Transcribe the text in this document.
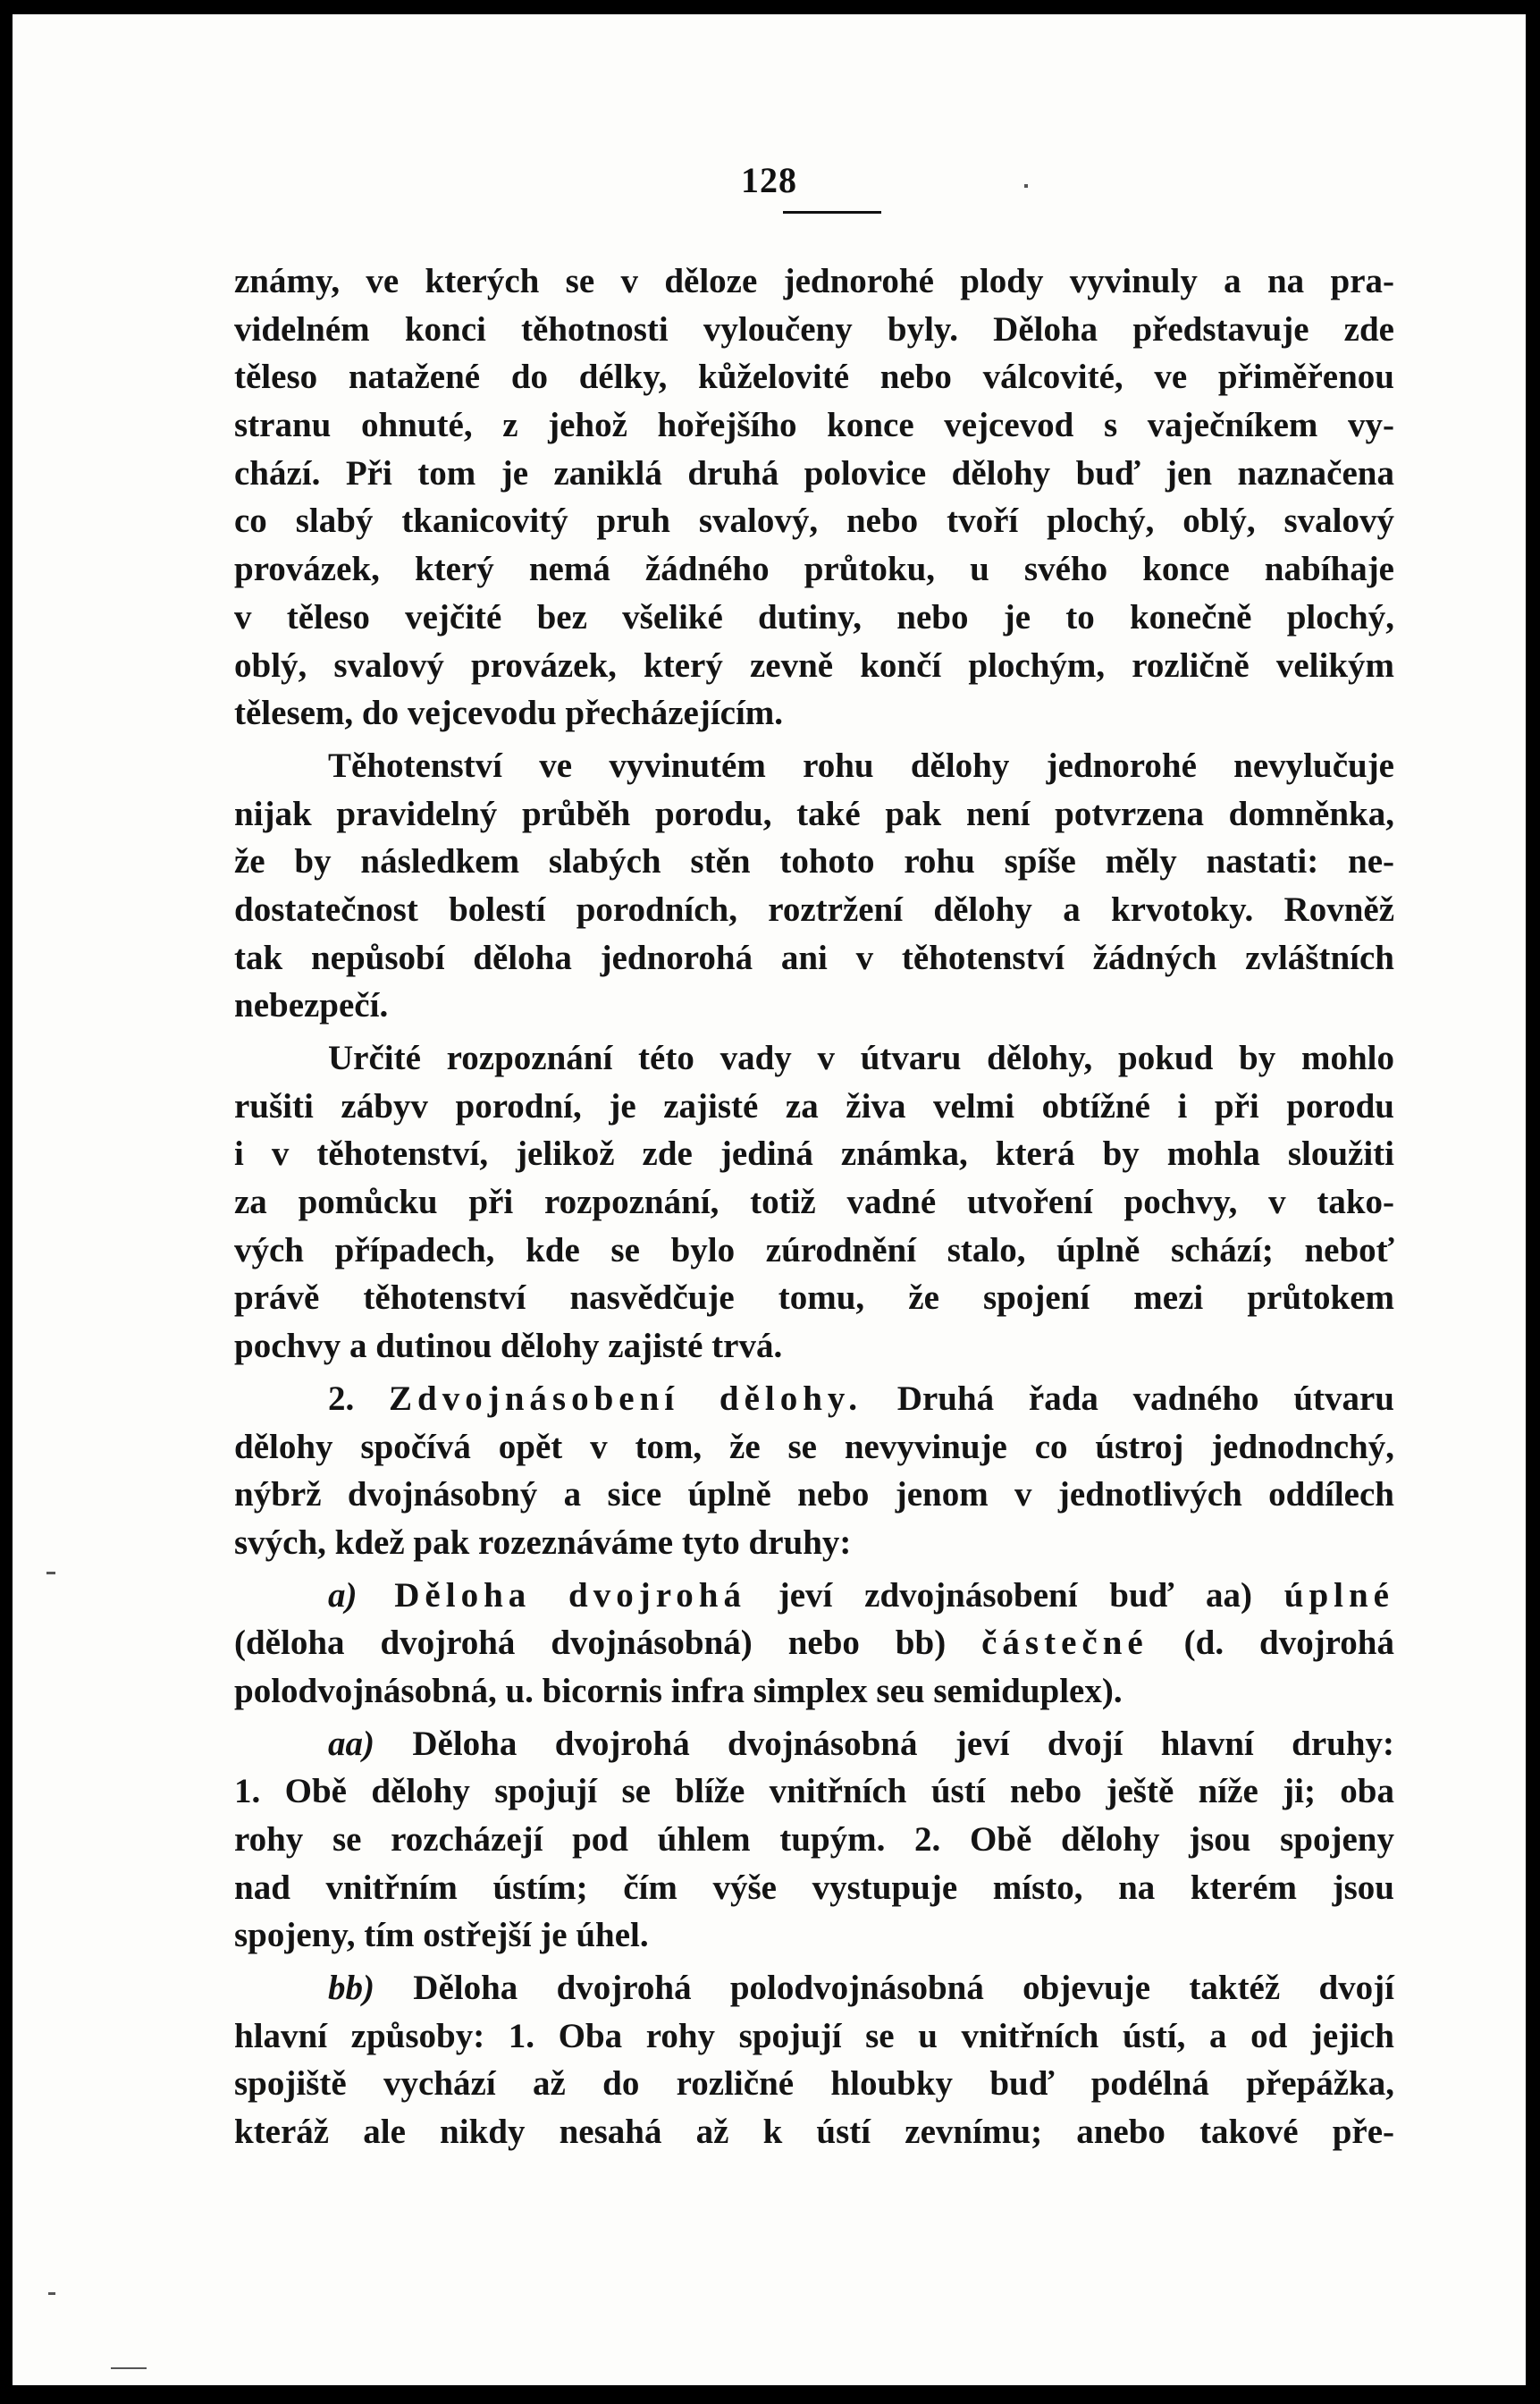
128
známy, ve kterých se v děloze jednorohé plody vyvinuly a na pra-
videlném konci těhotnosti vyloučeny byly. Děloha představuje zde
těleso natažené do délky, kůželovité nebo válcovité, ve přiměřenou
stranu ohnuté, z jehož hořejšího konce vejcevod s vaječníkem vy-
chází. Při tom je zaniklá druhá polovice dělohy buď jen naznačena
co slabý tkanicovitý pruh svalový, nebo tvoří plochý, oblý, svalový
provázek, který nemá žádného průtoku, u svého konce nabíhaje
v těleso vejčité bez všeliké dutiny, nebo je to konečně plochý,
oblý, svalový provázek, který zevně končí plochým, rozličně velikým
tělesem, do vejcevodu přecházejícím.
Těhotenství ve vyvinutém rohu dělohy jednorohé nevylučuje
nijak pravidelný průběh porodu, také pak není potvrzena domněnka,
že by následkem slabých stěn tohoto rohu spíše měly nastati: ne-
dostatečnost bolestí porodních, roztržení dělohy a krvotoky. Rovněž
tak nepůsobí děloha jednorohá ani v těhotenství žádných zvláštních
nebezpečí.
Určité rozpoznání této vady v útvaru dělohy, pokud by mohlo
rušiti zábyv porodní, je zajisté za živa velmi obtížné i při porodu
i v těhotenství, jelikož zde jediná známka, která by mohla sloužiti
za pomůcku při rozpoznání, totiž vadné utvoření pochvy, v tako-
vých případech, kde se bylo zúrodnění stalo, úplně schází; neboť
právě těhotenství nasvědčuje tomu, že spojení mezi průtokem
pochvy a dutinou dělohy zajisté trvá.
2. Zdvojnásobení dělohy. Druhá řada vadného útvaru
dělohy spočívá opět v tom, že se nevyvinuje co ústroj jednodnchý,
nýbrž dvojnásobný a sice úplně nebo jenom v jednotlivých oddílech
svých, kdež pak rozeznáváme tyto druhy:
a) Děloha dvojrohá jeví zdvojnásobení buď aa) úplné
(děloha dvojrohá dvojnásobná) nebo bb) částečné (d. dvojrohá
polodvojnásobná, u. bicornis infra simplex seu semiduplex).
aa) Děloha dvojrohá dvojnásobná jeví dvojí hlavní druhy:
1. Obě dělohy spojují se blíže vnitřních ústí nebo ještě níže ji; oba
rohy se rozcházejí pod úhlem tupým. 2. Obě dělohy jsou spojeny
nad vnitřním ústím; čím výše vystupuje místo, na kterém jsou
spojeny, tím ostřejší je úhel.
bb) Děloha dvojrohá polodvojnásobná objevuje taktéž dvojí
hlavní způsoby: 1. Oba rohy spojují se u vnitřních ústí, a od jejich
spojiště vychází až do rozličné hloubky buď podélná přepážka,
kteráž ale nikdy nesahá až k ústí zevnímu; anebo takové pře-
